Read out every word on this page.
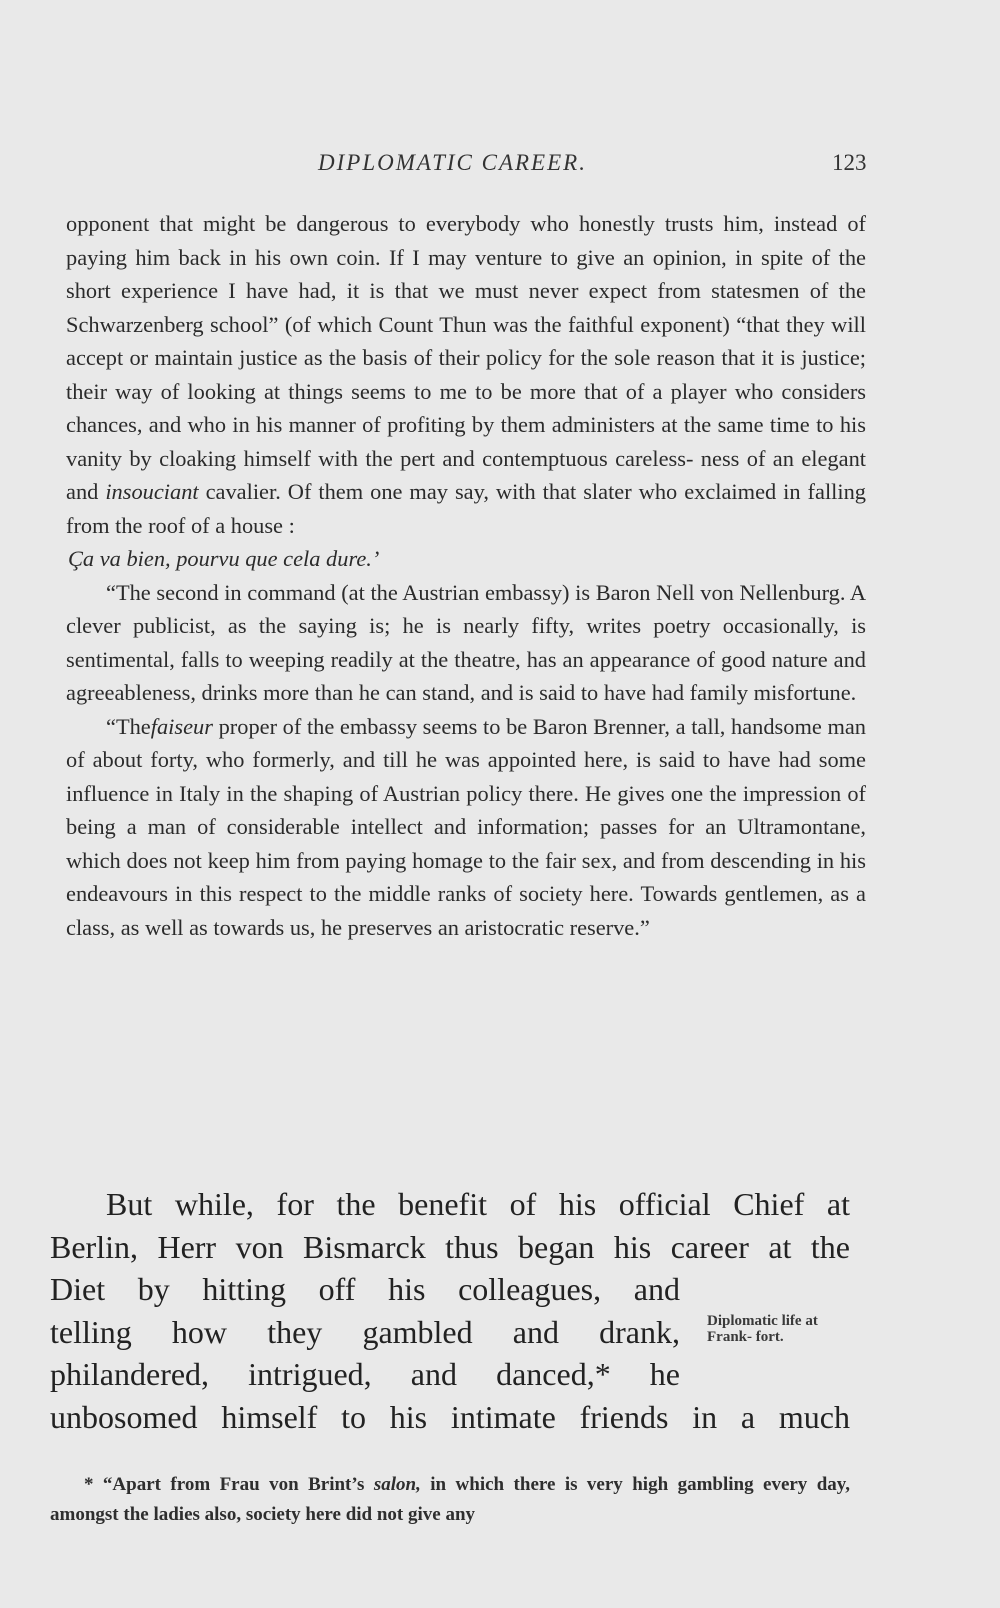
DIPLOMATIC CAREER.	123

opponent that might be dangerous to everybody who honestly trusts him, instead of paying him back in his own coin. If I may venture to give an opinion, in spite of the short experience I have had, it is that we must never expect from statesmen of the Schwarzenberg school” (of which Count Thun was the faithful exponent) “that they will accept or maintain justice as the basis of their policy for the sole reason that it is justice; their way of looking at things seems to me to be more that of a player who considers chances, and who in his manner of profiting by them administers at the same time to his vanity by cloaking himself with the pert and contemptuous careless- ness of an elegant and insouciant cavalier. Of them one may say, with that slater who exclaimed in falling from the roof of a house :

Ça va bien, pourvu que cela dure.’

“The second in command (at the Austrian embassy) is Baron Nell von Nellenburg. A clever publicist, as the saying is; he is nearly fifty, writes poetry occasionally, is sentimental, falls to weeping readily at the theatre, has an appearance of good nature and agreeableness, drinks more than he can stand, and is said to have had family misfortune.

“Thefaiseur proper of the embassy seems to be Baron Brenner, a tall, handsome man of about forty, who formerly, and till he was appointed here, is said to have had some influence in Italy in the shaping of Austrian policy there. He gives one the impression of being a man of considerable intellect and information; passes for an Ultramontane, which does not keep him from paying homage to the fair sex, and from descending in his endeavours in this respect to the middle ranks of society here. Towards gentlemen, as a class, as well as towards us, he preserves an aristocratic reserve.”

But while, for the benefit of his official Chief at

Berlin, Herr von Bismarck thus began his career at the

Diet by hitting off his colleagues, and

telling how they gambled and drank,

philandered, intrigued, and danced,* he

unbosomed himself to his intimate friends in a much

Diplomatic life at Frank- fort.

* “Apart from Frau von Brint’s salon, in which there is very high gambling every day, amongst the ladies also, society here did not give any
